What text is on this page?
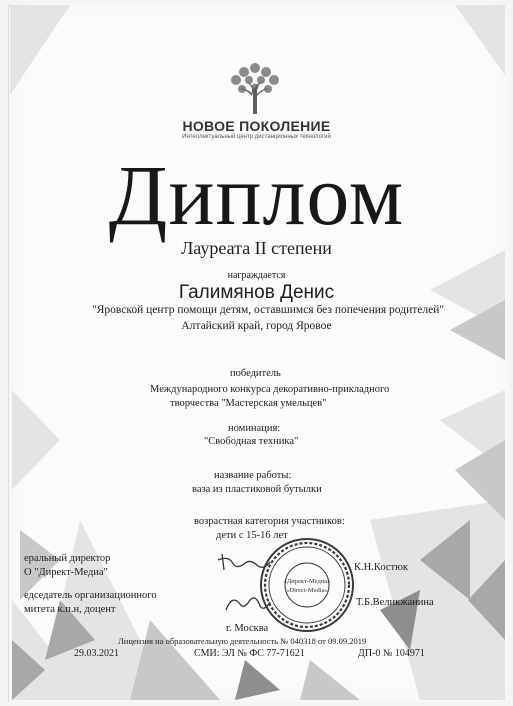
НОВОЕ ПОКОЛЕНИЕ
Интеллектуальный центр дистанционных технологий
Диплом
Лауреата II степени
награждается
Галимянов Денис
"Яровской центр помощи детям, оставшимся без попечения родителей"
Алтайский край, город Яровое
победитель
Международного конкурса декоративно-прикладного
творчества "Мастерская умельцев"
номинация:
"Свободная техника"
название работы:
ваза из пластиковой бутылки
возрастная категория участников:
дети с 15-16 лет
еральный директор
О "Директ-Медиа"	К.Н.Костюк
едседатель организационного
митета к.п.н, доцент
Т.Б.Великжанина
«Директ-Медиа»
«Direct-Media»
г. Москва
Лицензия на образовательную деятельность № 040318 от 09.09.2019
29.03.2021	СМИ: ЭЛ № ФС 77-71621	ДП-0 № 104971
